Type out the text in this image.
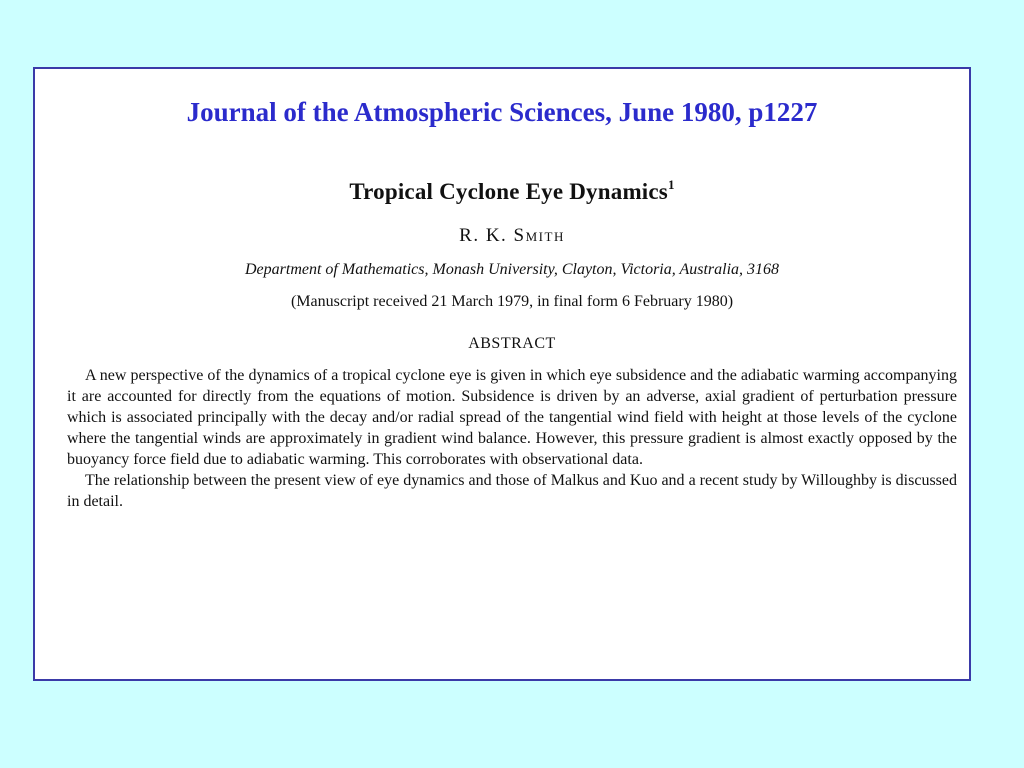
Journal of the Atmospheric Sciences, June 1980, p1227
Tropical Cyclone Eye Dynamics$^1$
R. K. Smith
Department of Mathematics, Monash University, Clayton, Victoria, Australia, 3168
(Manuscript received 21 March 1979, in final form 6 February 1980)
ABSTRACT

A new perspective of the dynamics of a tropical cyclone eye is given in which eye subsidence and the adiabatic warming accompanying it are accounted for directly from the equations of motion. Subsidence is driven by an adverse, axial gradient of perturbation pressure which is associated principally with the decay and/or radial spread of the tangential wind field with height at those levels of the cyclone where the tangential winds are approximately in gradient wind balance. However, this pressure gradient is almost exactly opposed by the buoyancy force field due to adiabatic warming. This corroborates with observational data.

The relationship between the present view of eye dynamics and those of Malkus and Kuo and a recent study by Willoughby is discussed in detail.
